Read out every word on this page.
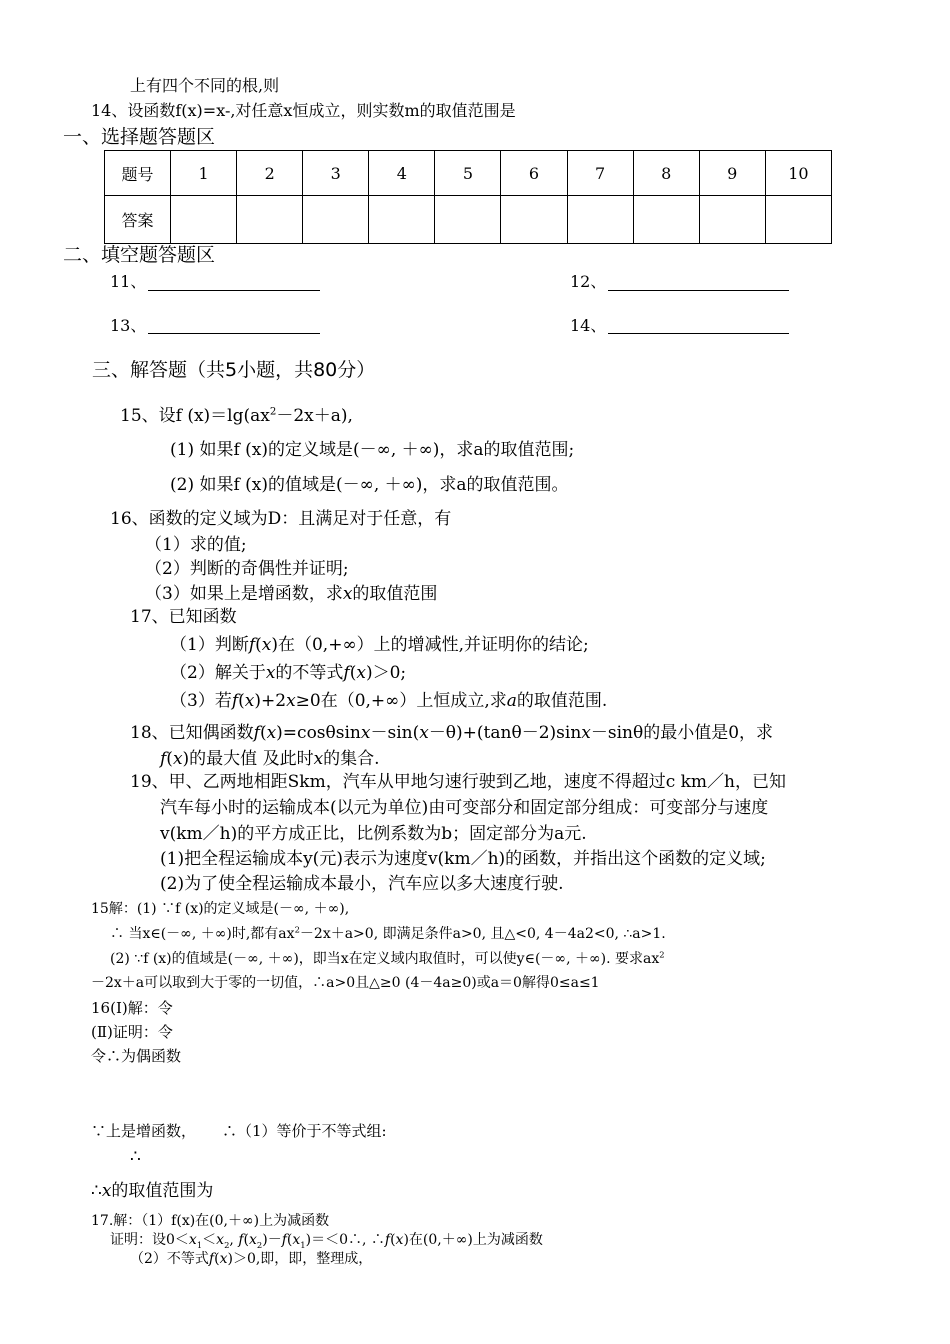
上有四个不同的根,则
14、设函数f(x)=x-,对任意x恒成立，则实数m的取值范围是
一、选择题答题区
题号	1	2	3	4	5	6	7	8	9	10
答案										
二、填空题答题区
11、	12、
13、	14、
三、解答题（共5小题，共80分）
15、设f $(x)=\lg(ax^2-2x+a)$,
(1) 如果f (x)的定义域是(－∞, ＋∞)，求a的取值范围;
(2) 如果f (x)的值域是(－∞, ＋∞)，求a的取值范围。
16、函数的定义域为D：且满足对于任意，有
（1）求的值;
（2）判断的奇偶性并证明;
（3）如果上是增函数，求x的取值范围
17、已知函数
（1）判断f(x)在（0,+∞）上的增减性,并证明你的结论;
（2）解关于x的不等式f(x)＞0;
（3）若f(x)+2x≥0在（0,+∞）上恒成立,求a的取值范围.
18、已知偶函数f(x)=cosθsinx－sin(x－θ)+(tanθ－2)sinx－sinθ的最小值是0，求
f(x)的最大值 及此时x的集合.
19、甲、乙两地相距Skm，汽车从甲地匀速行驶到乙地，速度不得超过c km／h，已知
汽车每小时的运输成本(以元为单位)由可变部分和固定部分组成：可变部分与速度
v(km／h)的平方成正比，比例系数为b；固定部分为a元.
(1)把全程运输成本y(元)表示为速度v(km／h)的函数，并指出这个函数的定义域;
(2)为了使全程运输成本最小，汽车应以多大速度行驶.
15解：(1) ∵f (x)的定义域是(－∞, ＋∞),
∴ 当x∈(－∞, ＋∞)时,都有$ax^2-2x+a>0$, 即满足条件a>0, 且△<0, 4－4a2<0, ∴a>1.
(2) ∵f (x)的值域是(－∞, ＋∞)，即当x在定义域内取值时，可以使y∈(－∞, ＋∞). 要求$ax^2$
－2x＋a可以取到大于零的一切值，∴a>0且△≥0 (4－4a≥0)或a＝0解得0≤a≤1
16(Ⅰ)解：令
(Ⅱ)证明：令
令∴为偶函数
∵上是增函数， ∴（1）等价于不等式组:
∴
∴x的取值范围为
17.解：（1）f(x)在(0,＋∞)上为减函数
证明：设$0<x_1<x_2$, $f(x_2)-f(x_1)=<0\therefore$, ∴f(x)在(0,＋∞)上为减函数
（2）不等式f(x)＞0,即，即，整理成，
